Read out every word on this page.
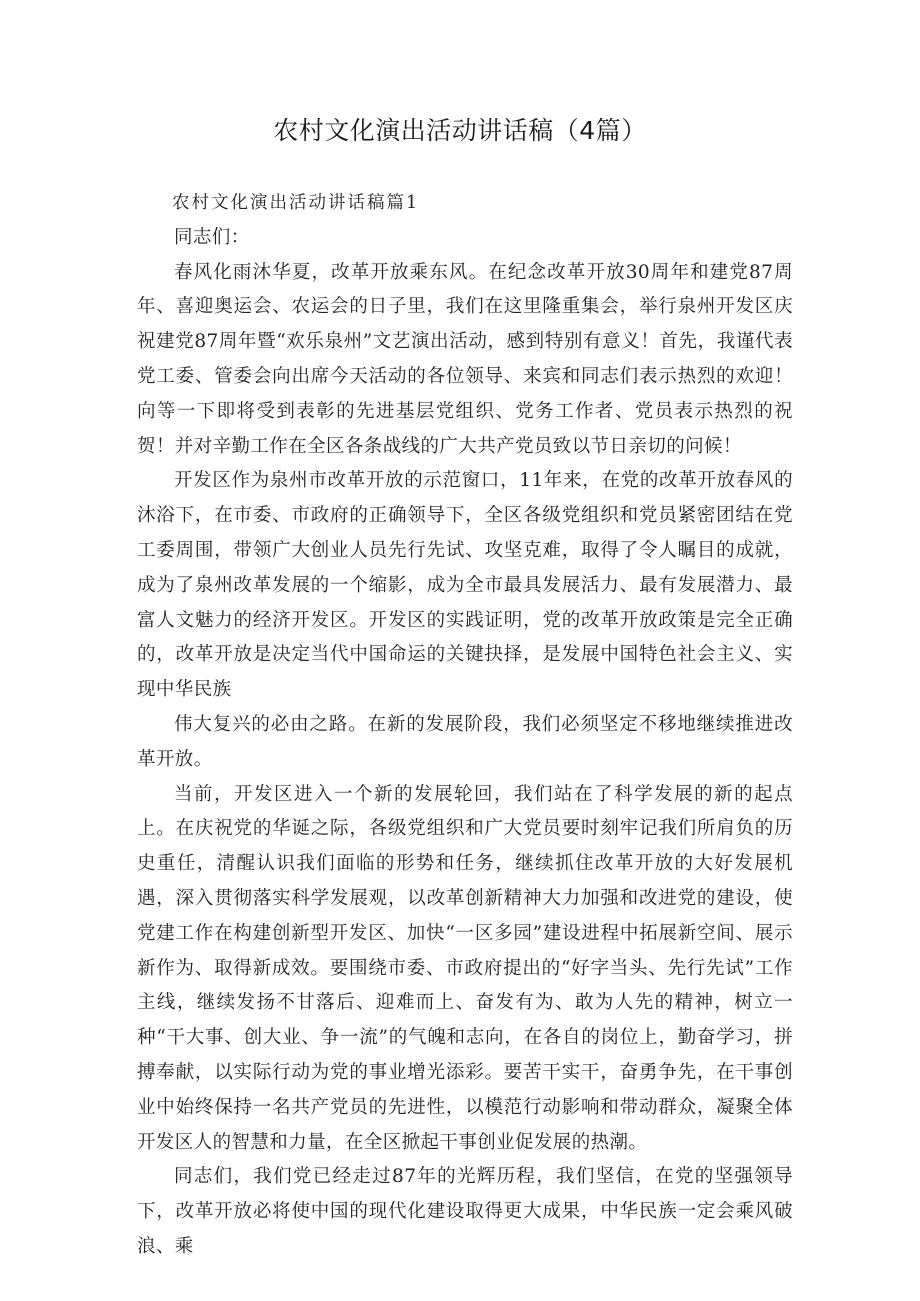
农村文化演出活动讲话稿（4篇）

农村文化演出活动讲话稿篇1

同志们：

春风化雨沐华夏，改革开放乘东风。在纪念改革开放30周年和建党87周年、喜迎奥运会、农运会的日子里，我们在这里隆重集会，举行泉州开发区庆祝建党87周年暨“欢乐泉州”文艺演出活动，感到特别有意义！首先，我谨代表党工委、管委会向出席今天活动的各位领导、来宾和同志们表示热烈的欢迎！向等一下即将受到表彰的先进基层党组织、党务工作者、党员表示热烈的祝贺！并对辛勤工作在全区各条战线的广大共产党员致以节日亲切的问候！

开发区作为泉州市改革开放的示范窗口，11年来，在党的改革开放春风的沐浴下，在市委、市政府的正确领导下，全区各级党组织和党员紧密团结在党工委周围，带领广大创业人员先行先试、攻坚克难，取得了令人瞩目的成就，成为了泉州改革发展的一个缩影，成为全市最具发展活力、最有发展潜力、最富人文魅力的经济开发区。开发区的实践证明，党的改革开放政策是完全正确的，改革开放是决定当代中国命运的关键抉择，是发展中国特色社会主义、实现中华民族

伟大复兴的必由之路。在新的发展阶段，我们必须坚定不移地继续推进改革开放。

当前，开发区进入一个新的发展轮回，我们站在了科学发展的新的起点上。在庆祝党的华诞之际，各级党组织和广大党员要时刻牢记我们所肩负的历史重任，清醒认识我们面临的形势和任务，继续抓住改革开放的大好发展机遇，深入贯彻落实科学发展观，以改革创新精神大力加强和改进党的建设，使党建工作在构建创新型开发区、加快“一区多园”建设进程中拓展新空间、展示新作为、取得新成效。要围绕市委、市政府提出的“好字当头、先行先试”工作主线，继续发扬不甘落后、迎难而上、奋发有为、敢为人先的精神，树立一种“干大事、创大业、争一流”的气魄和志向，在各自的岗位上，勤奋学习，拼搏奉献，以实际行动为党的事业增光添彩。要苦干实干，奋勇争先，在干事创业中始终保持一名共产党员的先进性，以模范行动影响和带动群众，凝聚全体开发区人的智慧和力量，在全区掀起干事创业促发展的热潮。

同志们，我们党已经走过87年的光辉历程，我们坚信，在党的坚强领导下，改革开放必将使中国的现代化建设取得更大成果，中华民族一定会乘风破浪、乘
